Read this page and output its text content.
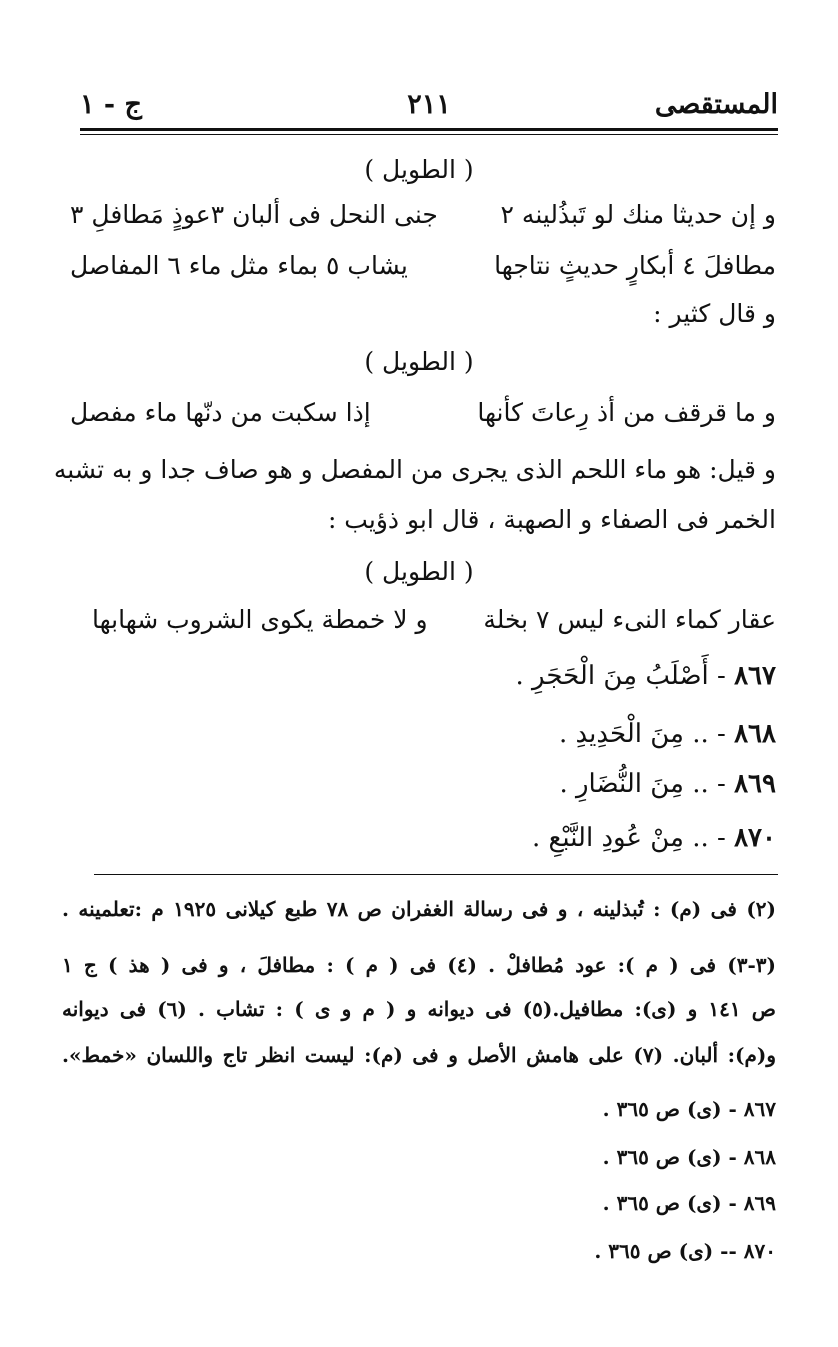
المستقصى
٢١١
ج - ١
( الطويل )
و إن حديثا منك لو تَبذُلينه ٢  جنى النحل فى ألبان ٣عوذٍ مَطافلِ ٣
مطافلَ ٤ أبكارٍ حديثٍ نتاجها  يشاب ٥ بماء مثل ماء ٦ المفاصل
و قال كثير :
( الطويل )
و ما قرقف من أذ رِعاتَ كأنها  إذا سكبت من دنّها ماء مفصل
و قيل: هو ماء اللحم الذى يجرى من المفصل و هو صاف جدا و به تشبه
الخمر فى الصفاء و الصهبة ، قال ابو ذؤيب :
( الطويل )
عقار كماء النىء ليس ٧ بخلة  و لا خمطة يكوى الشروب شهابها
٨٦٧ - أَصْلَبُ مِنَ الْحَجَرِ .
٨٦٨ - .. مِنَ الْحَدِيدِ .
٨٦٩ - .. مِنَ النُّضَارِ .
٨٧٠ - .. مِنْ عُودِ النَّبْعِ .
(٢) فى (م) : تُبذلينه ، و فى رسالة الغفران ص ٧٨ طبع كيلانى ١٩٢٥ م :تعلمينه .
(٣-٣) فى ( م ): عود مُطافلْ . (٤) فى ( م ) : مطافلَ ، و فى ( هذ ) ج ١
ص ١٤١ و (ى): مطافيل.(٥) فى ديوانه و ( م و ى ) : تشاب . (٦) فى ديوانه
و(م): ألبان. (٧) على هامش الأصل و فى (م): ليست انظر تاج واللسان «خمط».
٨٦٧ - (ى) ص ٣٦٥ .
٨٦٨ - (ى) ص ٣٦٥ .
٨٦٩ - (ى) ص ٣٦٥ .
٨٧٠ -- (ى) ص ٣٦٥ .
